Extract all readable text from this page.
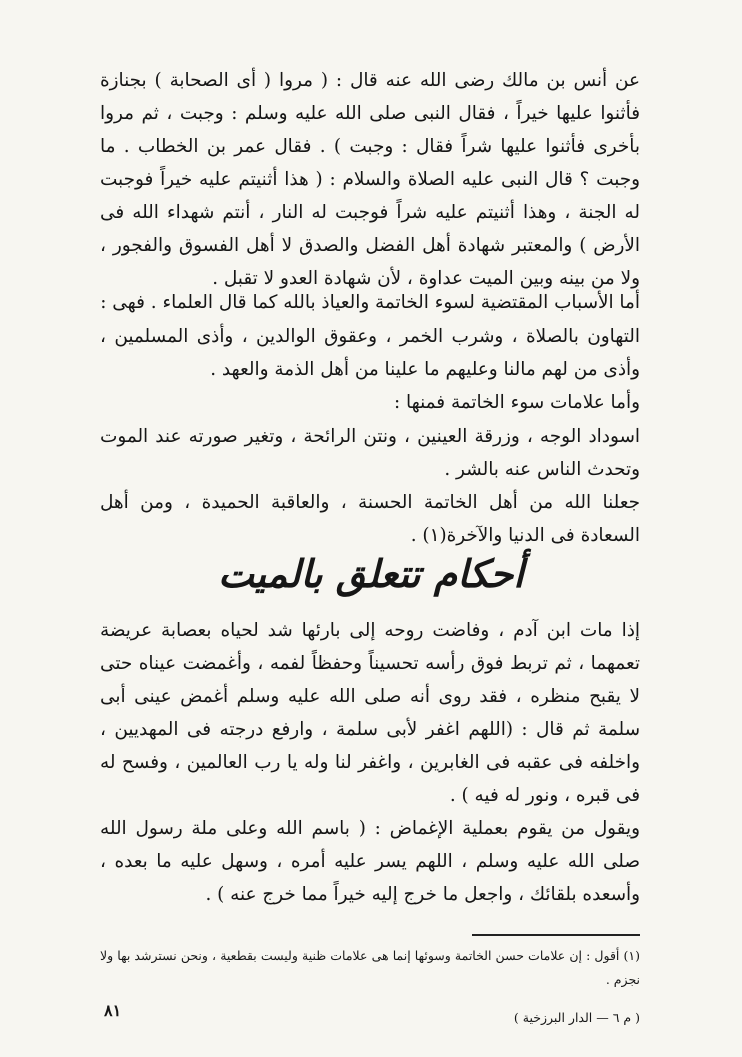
عن أنس بن مالك رضى الله عنه قال : ( مروا ( أى الصحابة ) بجنازة فأثنوا عليها خيراً ، فقال النبى صلى الله عليه وسلم : وجبت ، ثم مروا بأخرى فأثنوا عليها شراً فقال : وجبت ) . فقال عمر بن الخطاب . ما وجبت ؟ قال النبى عليه الصلاة والسلام : ( هذا أثنيتم عليه خيراً فوجبت له الجنة ، وهذا أثنيتم عليه شراً فوجبت له النار ، أنتم شهداء الله فى الأرض ) والمعتبر شهادة أهل الفضل والصدق لا أهل الفسوق والفجور ، ولا من بينه وبين الميت عداوة ، لأن شهادة العدو لا تقبل .
أما الأسباب المقتضية لسوء الخاتمة والعياذ بالله كما قال العلماء . فهى :
التهاون بالصلاة ، وشرب الخمر ، وعقوق الوالدين ، وأذى المسلمين ، وأذى من لهم مالنا وعليهم ما علينا من أهل الذمة والعهد .
وأما علامات سوء الخاتمة فمنها :
اسوداد الوجه ، وزرقة العينين ، ونتن الرائحة ، وتغير صورته عند الموت وتحدث الناس عنه بالشر .
جعلنا الله من أهل الخاتمة الحسنة ، والعاقبة الحميدة ، ومن أهل السعادة فى الدنيا والآخرة(١) .
أحكام تتعلق بالميت
إذا مات ابن آدم ، وفاضت روحه إلى بارئها شد لحياه بعصابة عريضة تعمهما ، ثم تربط فوق رأسه تحسيناً وحفظاً لفمه ، وأغمضت عيناه حتى لا يقبح منظره ، فقد روى أنه صلى الله عليه وسلم أغمض عينى أبى سلمة ثم قال : (اللهم اغفر لأبى سلمة ، وارفع درجته فى المهديين ، واخلفه فى عقبه فى الغابرين ، واغفر لنا وله يا رب العالمين ، وفسح له فى قبره ، ونور له فيه ) .
ويقول من يقوم بعملية الإغماض : ( باسم الله وعلى ملة رسول الله صلى الله عليه وسلم ، اللهم يسر عليه أمره ، وسهل عليه ما بعده ، وأسعده بلقائك ، واجعل ما خرج إليه خيراً مما خرج عنه ) .
(١) أقول : إن علامات حسن الخاتمة وسوئها إنما هى علامات ظنية وليست بقطعية ، ونحن نسترشد بها ولا نجزم .
٨١	( م ٦ — الدار البرزخية )
